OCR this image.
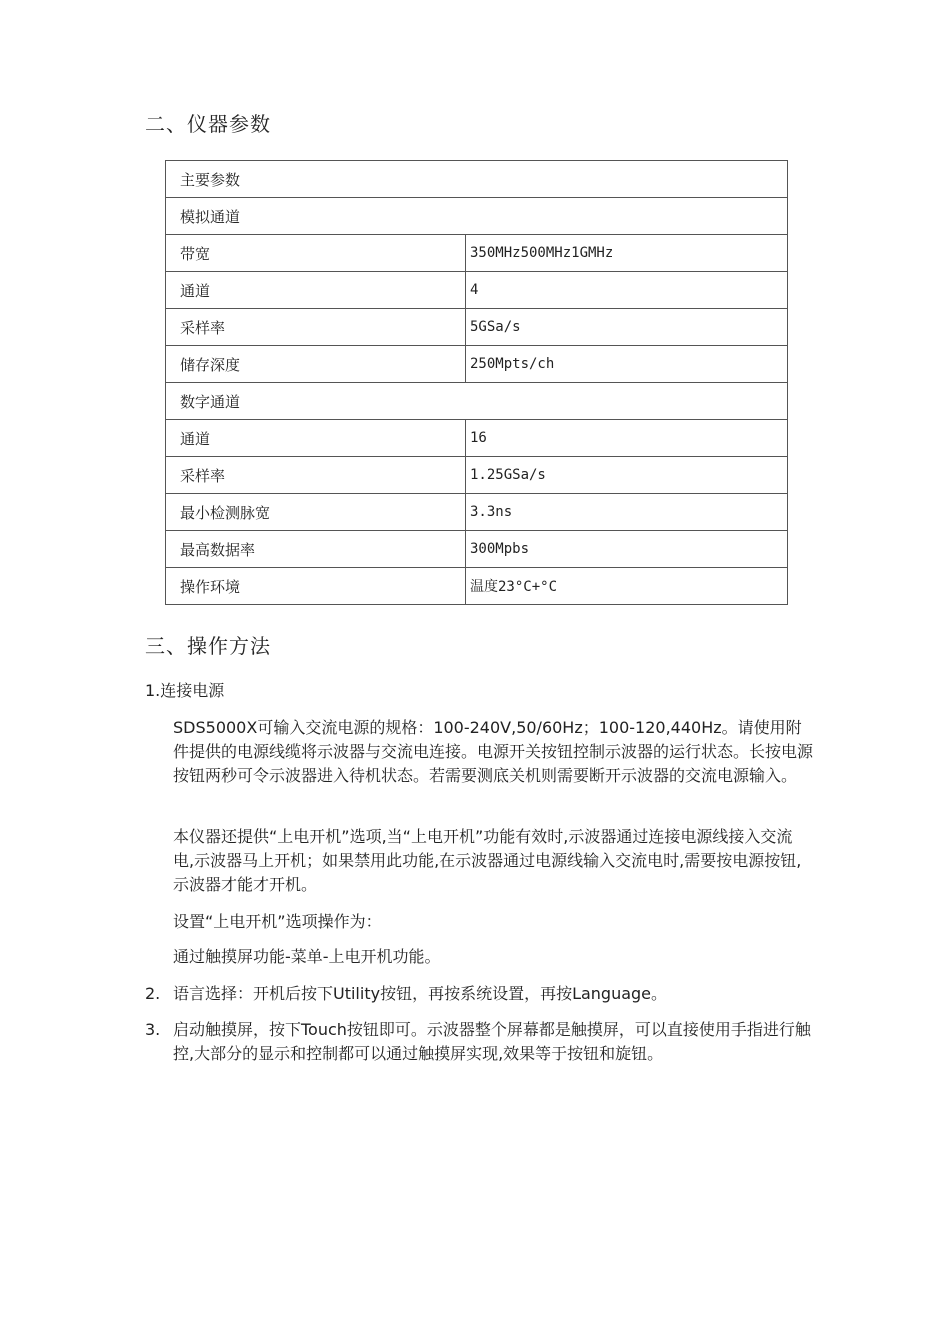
二、仪器参数
主要参数	
模拟通道	
带宽	350MHz500MHz1GMHz
通道	4
采样率	5GSa/s
储存深度	250Mpts/ch
数字通道	
通道	16
采样率	1.25GSa/s
最小检测脉宽	3.3ns
最高数据率	300Mpbs
操作环境	温度23°C+°C
三、操作方法
1.连接电源
SDS5000X可输入交流电源的规格：100-240V,50/60Hz；100-120,440Hz。请使用附件提供的电源线缆将示波器与交流电连接。电源开关按钮控制示波器的运行状态。长按电源按钮两秒可令示波器进入待机状态。若需要测底关机则需要断开示波器的交流电源输入。
本仪器还提供“上电开机”选项,当“上电开机”功能有效时,示波器通过连接电源线接入交流电,示波器马上开机；如果禁用此功能,在示波器通过电源线输入交流电时,需要按电源按钮,示波器才能才开机。
设置“上电开机”选项操作为：
通过触摸屏功能-菜单-上电开机功能。
2. 语言选择：开机后按下Utility按钮，再按系统设置，再按Language。
3. 启动触摸屏，按下Touch按钮即可。示波器整个屏幕都是触摸屏，可以直接使用手指进行触控,大部分的显示和控制都可以通过触摸屏实现,效果等于按钮和旋钮。
